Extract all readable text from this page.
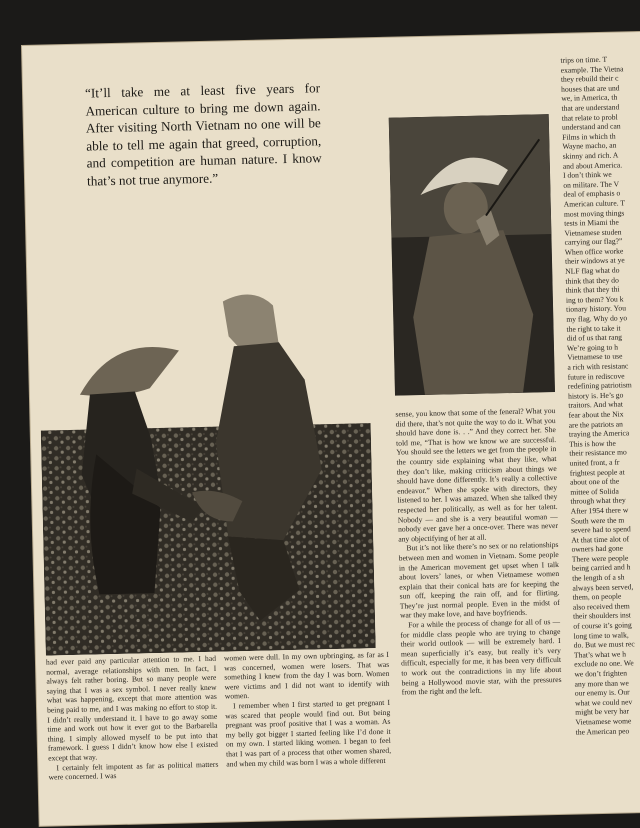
“It’ll take me at least five years for American culture to bring me down again. After visiting North Vietnam no one will be able to tell me again that greed, corruption, and competition are human nature. I know that’s not true anymore.”

sense, you know that some of the feneral? What you did there, that’s not quite the way to do it. What you should have done is. . .” And they correct her. She told me, “That is how we know we are successful. You should see the letters we get from the people in the country side explaining what they like, what they don’t like, making criticism about things we should have done differently. It’s really a collective endeavor.” When she spoke with directors, they listened to her. I was amazed. When she talked they respected her politically, as well as for her talent. Nobody — and she is a very beautiful woman — nobody ever gave her a once-over. There was never any objectifying of her at all.

But it’s not like there’s no sex or no relationships between men and women in Vietnam. Some people in the American movement get upset when I talk about lovers’ lanes, or when Vietnamese women explain that their conical hats are for keeping the sun off, keeping the rain off, and for flirting. They’re just normal people. Even in the midst of war they make love, and have boyfriends.

For a while the process of change for all of us — for middle class people who are trying to change their world outlook — will be extremely hard. I mean superficially it’s easy, but really it’s very difficult, especially for me, it has been very difficult to work out the contradictions in my life about being a Hollywood movie star, with the pressures from the right and the left.

had ever paid any particular attention to me. I had normal, average relationships with men. In fact, I always felt rather boring. But so many people were saying that I was a sex symbol. I never really knew what was happening, except that more attention was being paid to me, and I was making no effort to stop it. I didn’t really understand it. I have to go away some time and work out how it ever got to the Barbarella thing. I simply allowed myself to be put into that framework. I guess I didn’t know how else I existed except that way.

I certainly felt impotent as far as political matters were concerned. I was

women were dull. In my own upbringing, as far as I was concerned, women were losers. That was something I knew from the day I was born. Women were victims and I did not want to identify with women.

I remember when I first started to get pregnant I was scared that people would find out. But being pregnant was proof positive that I was a woman. As my belly got bigger I started feeling like I’d done it on my own. I started liking women. I began to feel that I was part of a process that other women shared, and when my child was born I was a whole different

trips on time. T
example. The Vietna
they rebuild their c
houses that are und
we, in America, th
that are understand
that relate to probl
understand and can
Films in which th
Wayne macho, an
skinny and rich. A
and about America.
I don’t think we
on militare. The V
deal of emphasis o
American culture. T
most moving things
tests in Miami the
Vietnamese studen
carrying our flag?”
When office worke
their windows at ye
NLF flag what do
think that they do
think that they thi
ing to them? You k
tionary history. You
my flag. Why do yo
the right to take it
did of us that rang
We’re going to h
Vietnamese to use
a rich with resistanc
future in rediscove
redefining patriotism
history is. He’s go
traitors. And what
fear about the Nix
are the patriots an
traying the America
This is how the
their resistance mo
united front, a fr
frightest people at
about one of the
mittee of Solida
through what they
After 1954 there w
South were the m
severe had to spend
At that time alot of
owners had gone
There were people
being carried and h
the length of a sh
always been served,
them, on people
also received them
their shoulders inst
of course it’s going
long time to walk,
do. But we must rec
That’s what we h
exclude no one. We
we don’t frighten
any more than we
our enemy is. Our
what we could nev
might be very har
Vietnamese wome
the American peo
